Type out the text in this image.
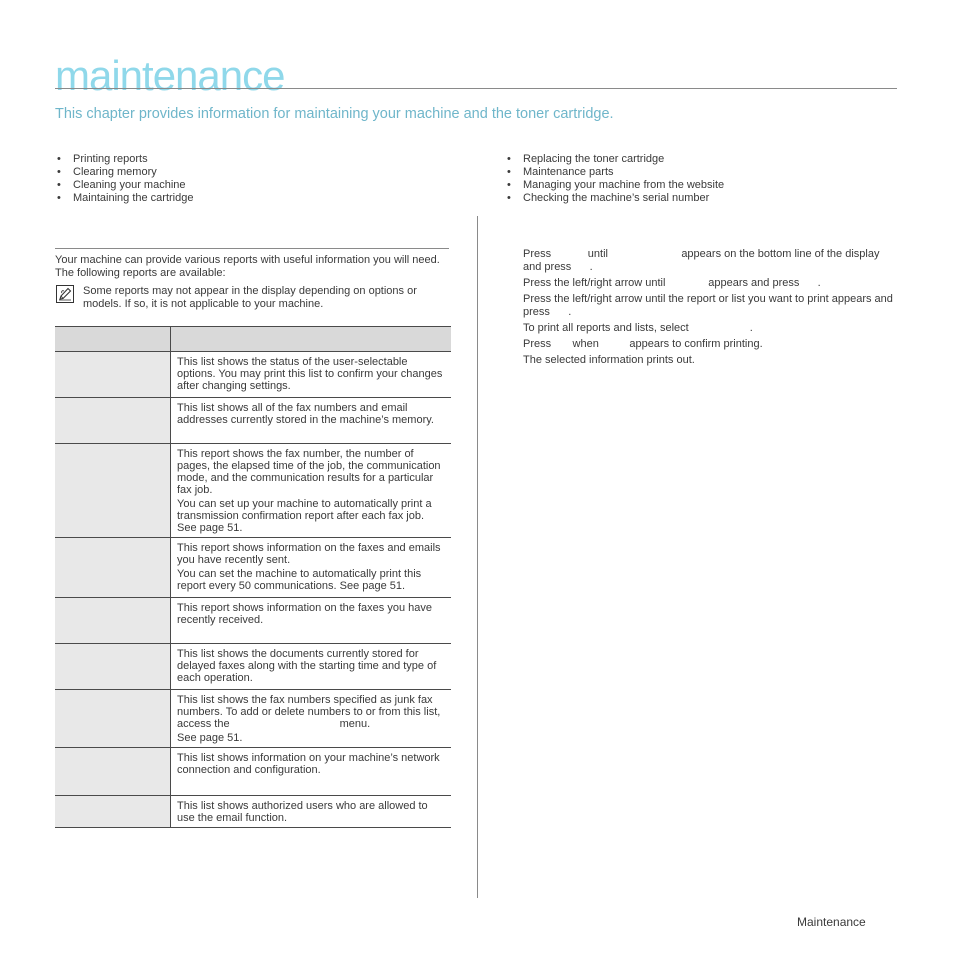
maintenance
This chapter provides information for maintaining your machine and the toner cartridge.
• Printing reports
• Clearing memory
• Cleaning your machine
• Maintaining the cartridge
• Replacing the toner cartridge
• Maintenance parts
• Managing your machine from the website
• Checking the machine’s serial number
Your machine can provide various reports with useful information you will need. The following reports are available:
Some reports may not appear in the display depending on options or models. If so, it is not applicable to your machine.

	This list shows the status of the user-selectable options. You may print this list to confirm your changes after changing settings.

	This list shows all of the fax numbers and email addresses currently stored in the machine’s memory.

	This report shows the fax number, the number of pages, the elapsed time of the job, the communication mode, and the communication results for a particular fax job.

You can set up your machine to automatically print a transmission confirmation report after each fax job. See page 51.

	This report shows information on the faxes and emails you have recently sent.

You can set the machine to automatically print this report every 50 communications. See page 51.

	This report shows information on the faxes you have recently received.

	This list shows the documents currently stored for delayed faxes along with the starting time and type of each operation.

	This list shows the fax numbers specified as junk fax numbers. To add or delete numbers to or from this list, access the                                    menu.

See page 51.

	This list shows information on your machine’s network connection and configuration.

	This list shows authorized users who are allowed to use the email function.

Press            until                        appears on the bottom line of the display and press      .

Press the left/right arrow until              appears and press      .

Press the left/right arrow until the report or list you want to print appears and press      .

To print all reports and lists, select                    .

Press       when          appears to confirm printing.

The selected information prints out.

Maintenance
